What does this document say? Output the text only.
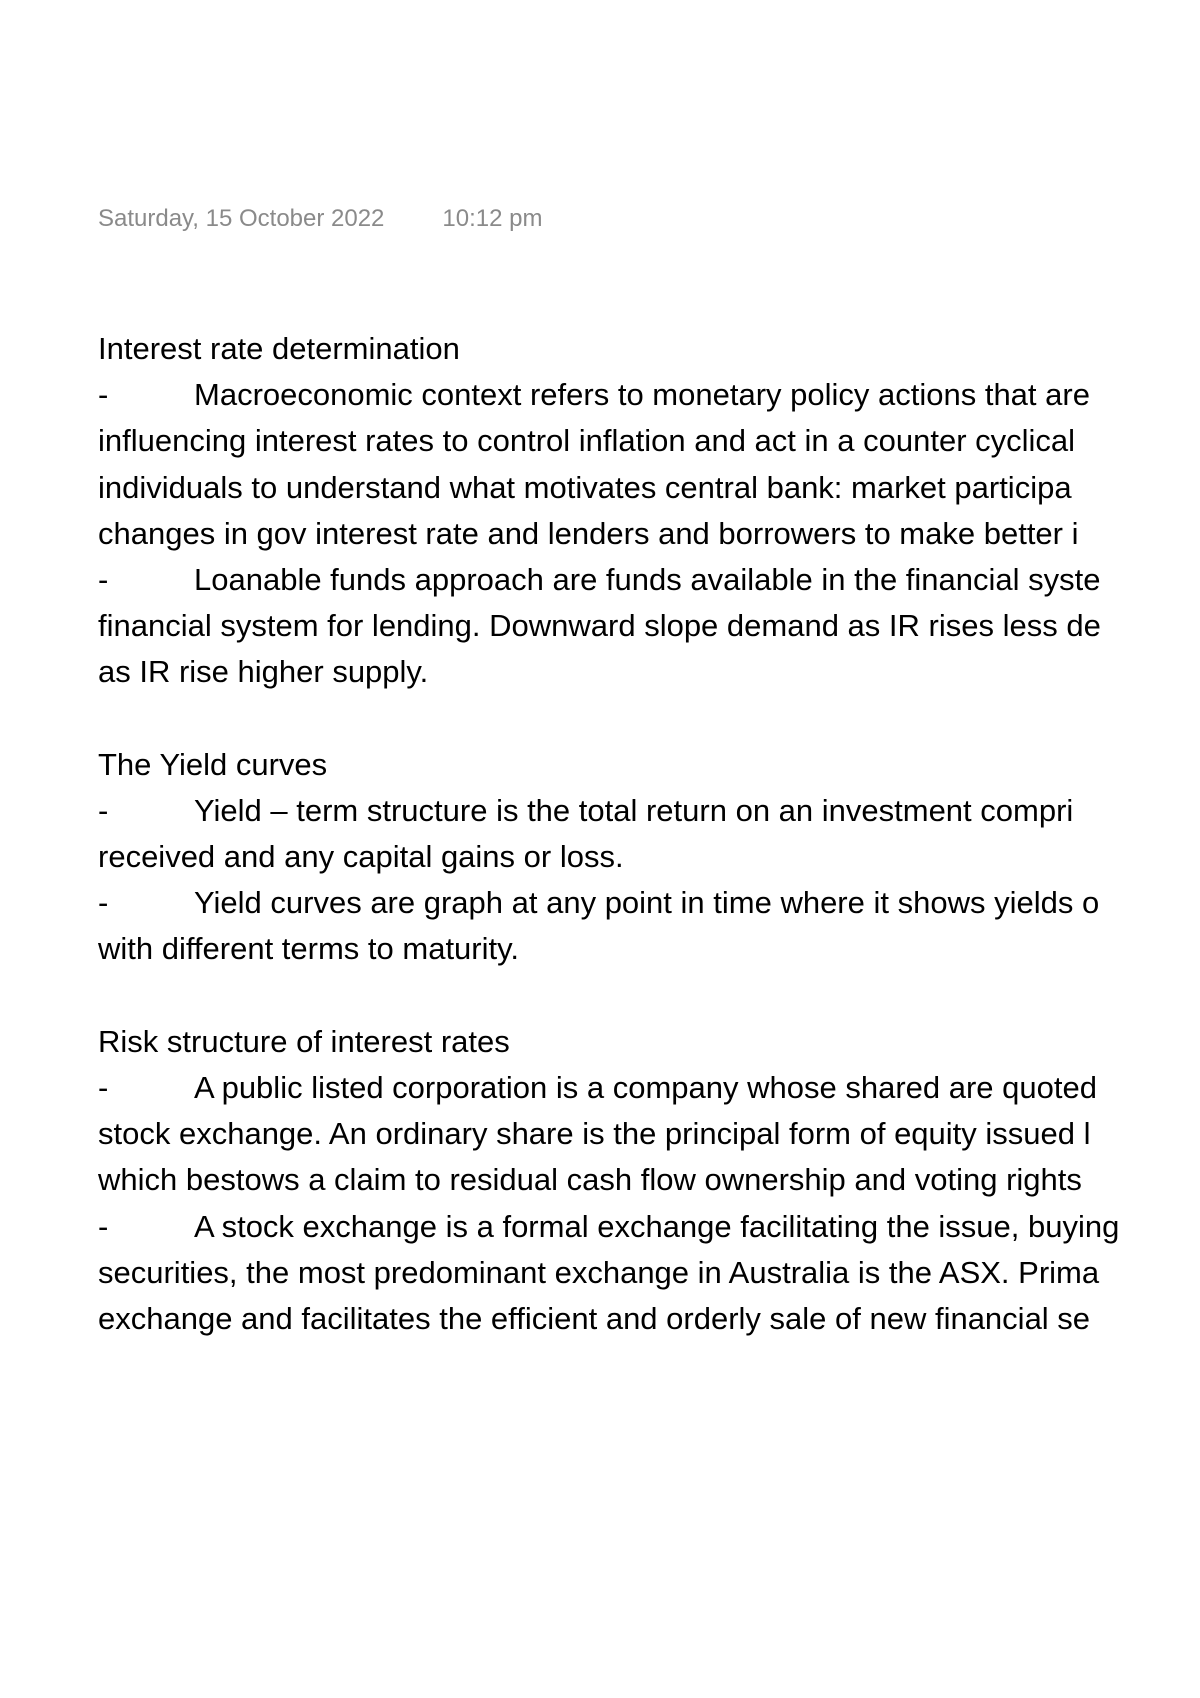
Saturday, 15 October 2022 10:12 pm
Interest rate determination
-	Macroeconomic context refers to monetary policy actions that are
influencing interest rates to control inflation and act in a counter cyclical
individuals to understand what motivates central bank: market participa
changes in gov interest rate and lenders and borrowers to make better i
-	Loanable funds approach are funds available in the financial syste
financial system for lending. Downward slope demand as IR rises less de
as IR rise higher supply.
The Yield curves
-	Yield – term structure is the total return on an investment compri
received and any capital gains or loss.
-	Yield curves are graph at any point in time where it shows yields o
with different terms to maturity.
Risk structure of interest rates
-	A public listed corporation is a company whose shared are quoted
stock exchange. An ordinary share is the principal form of equity issued l
which bestows a claim to residual cash flow ownership and voting rights
-	A stock exchange is a formal exchange facilitating the issue, buying
securities, the most predominant exchange in Australia is the ASX. Prima
exchange and facilitates the efficient and orderly sale of new financial se
